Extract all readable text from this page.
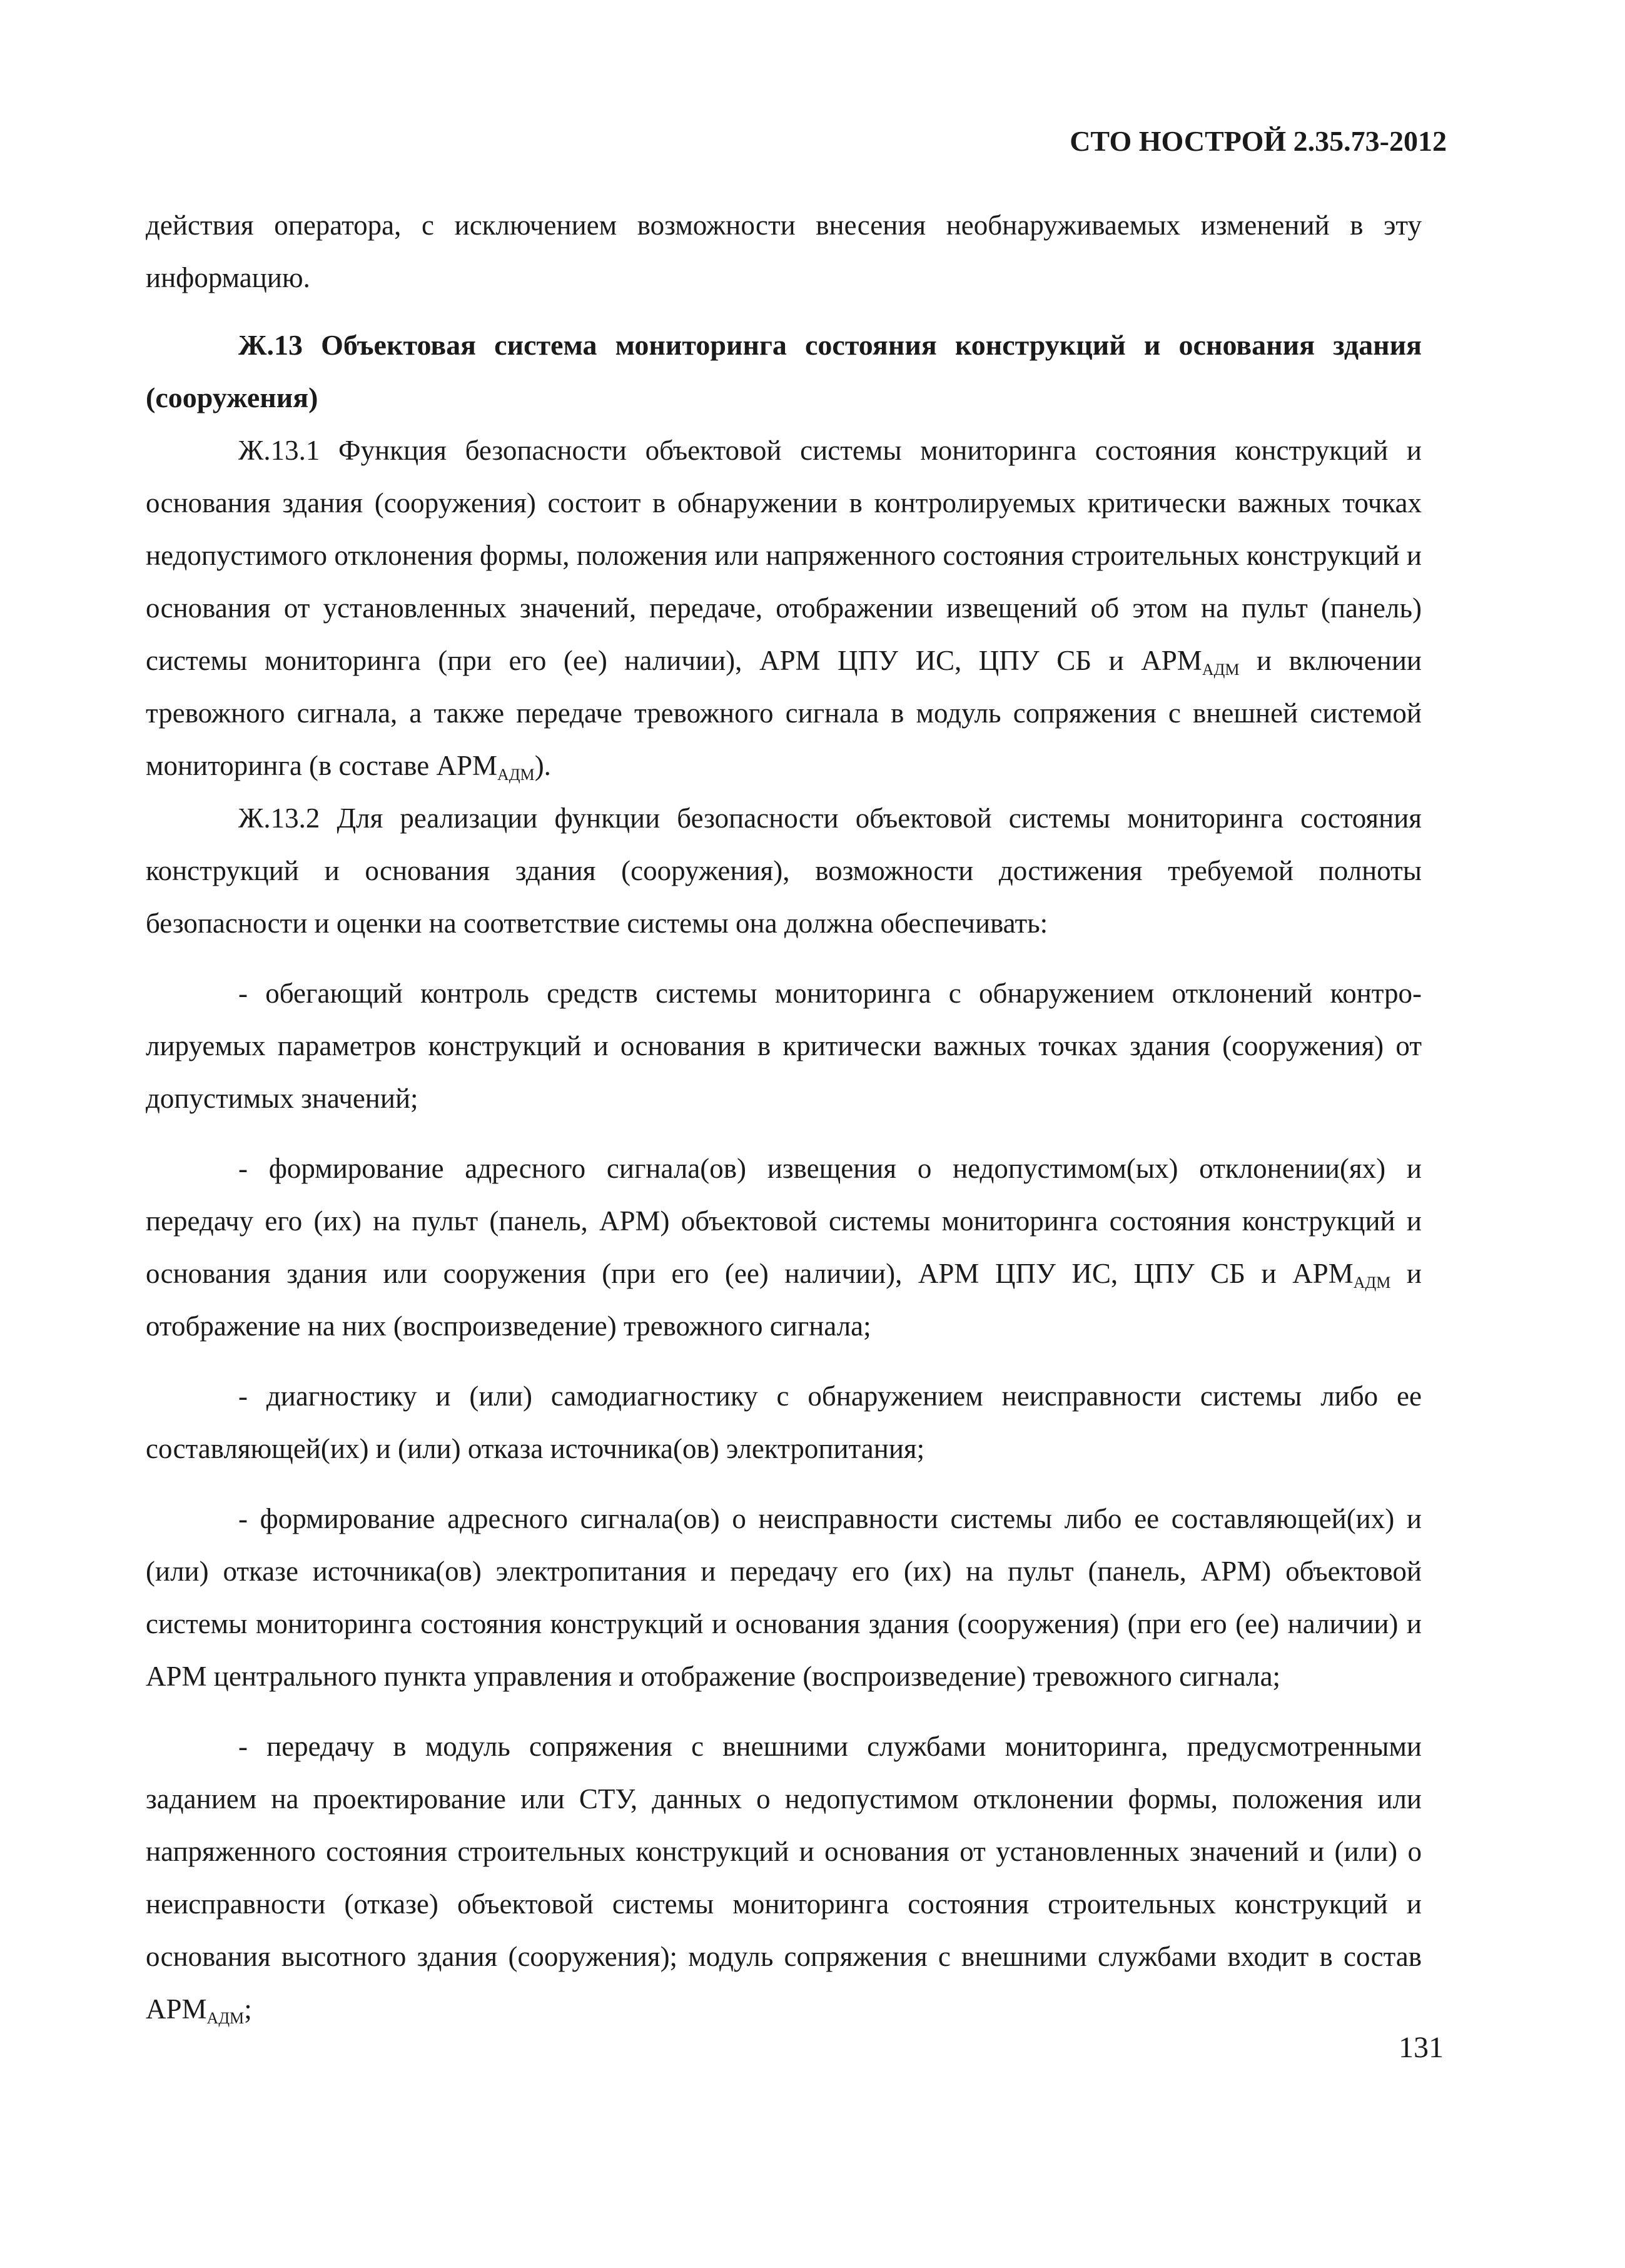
СТО НОСТРОЙ 2.35.73-2012

действия оператора, с исключением возможности внесения необнаруживаемых изменений в эту информацию.

Ж.13 Объектовая система мониторинга состояния конструкций и основания здания (сооружения)

Ж.13.1 Функция безопасности объектовой системы мониторинга состояния конструкций и основания здания (сооружения) состоит в обнаружении в контролируемых критически важных точках недопустимого отклонения формы, положения или напряженного состояния строительных конструкций и основания от установленных значений, передаче, отображении извещений об этом на пульт (панель) системы мониторинга (при его (ее) наличии), АРМ ЦПУ ИС, ЦПУ СБ и $АРМ_{АДМ}$ и включении тревожного сигнала, а также передаче тревожного сигнала в модуль сопряжения с внешней системой мониторинга (в составе $АРМ_{АДМ}$).

Ж.13.2 Для реализации функции безопасности объектовой системы мониторинга состояния конструкций и основания здания (сооружения), возможности достижения требуемой полноты безопасности и оценки на соответствие системы она должна обеспечивать:

- обегающий контроль средств системы мониторинга с обнаружением отклонений контролируемых параметров конструкций и основания в критически важных точках здания (сооружения) от допустимых значений;

- формирование адресного сигнала(ов) извещения о недопустимом(ых) отклонении(ях) и передачу его (их) на пульт (панель, АРМ) объектовой системы мониторинга состояния конструкций и основания здания или сооружения (при его (ее) наличии), АРМ ЦПУ ИС, ЦПУ СБ и $АРМ_{АДМ}$ и отображение на них (воспроизведение) тревожного сигнала;

- диагностику и (или) самодиагностику с обнаружением неисправности системы либо ее составляющей(их) и (или) отказа источника(ов) электропитания;

- формирование адресного сигнала(ов) о неисправности системы либо ее составляющей(их) и (или) отказе источника(ов) электропитания и передачу его (их) на пульт (панель, АРМ) объектовой системы мониторинга состояния конструкций и основания здания (сооружения) (при его (ее) наличии) и АРМ центрального пункта управления и отображение (воспроизведение) тревожного сигнала;

- передачу в модуль сопряжения с внешними службами мониторинга, предусмотренными заданием на проектирование или СТУ, данных о недопустимом отклонении формы, положения или напряженного состояния строительных конструкций и основания от установленных значений и (или) о неисправности (отказе) объектовой системы мониторинга состояния строительных конструкций и основания высотного здания (сооружения); модуль сопряжения с внешними службами входит в состав $АРМ_{АДМ}$;

131
